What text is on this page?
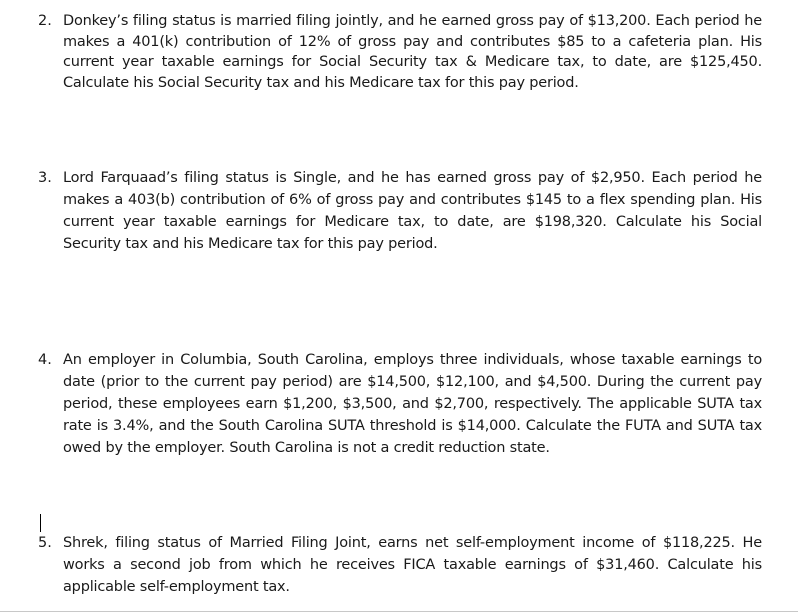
2. Donkey’s filing status is married filing jointly, and he earned gross pay of $13,200. Each period he makes a 401(k) contribution of 12% of gross pay and contributes $85 to a cafeteria plan. His current year taxable earnings for Social Security tax & Medicare tax, to date, are $125,450. Calculate his Social Security tax and his Medicare tax for this pay period.
3. Lord Farquaad’s filing status is Single, and he has earned gross pay of $2,950. Each period he makes a 403(b) contribution of 6% of gross pay and contributes $145 to a flex spending plan. His current year taxable earnings for Medicare tax, to date, are $198,320. Calculate his Social Security tax and his Medicare tax for this pay period.
4. An employer in Columbia, South Carolina, employs three individuals, whose taxable earnings to date (prior to the current pay period) are $14,500, $12,100, and $4,500. During the current pay period, these employees earn $1,200, $3,500, and $2,700, respectively. The applicable SUTA tax rate is 3.4%, and the South Carolina SUTA threshold is $14,000. Calculate the FUTA and SUTA tax owed by the employer. South Carolina is not a credit reduction state.
5. Shrek, filing status of Married Filing Joint, earns net self-employment income of $118,225. He works a second job from which he receives FICA taxable earnings of $31,460. Calculate his applicable self-employment tax.
